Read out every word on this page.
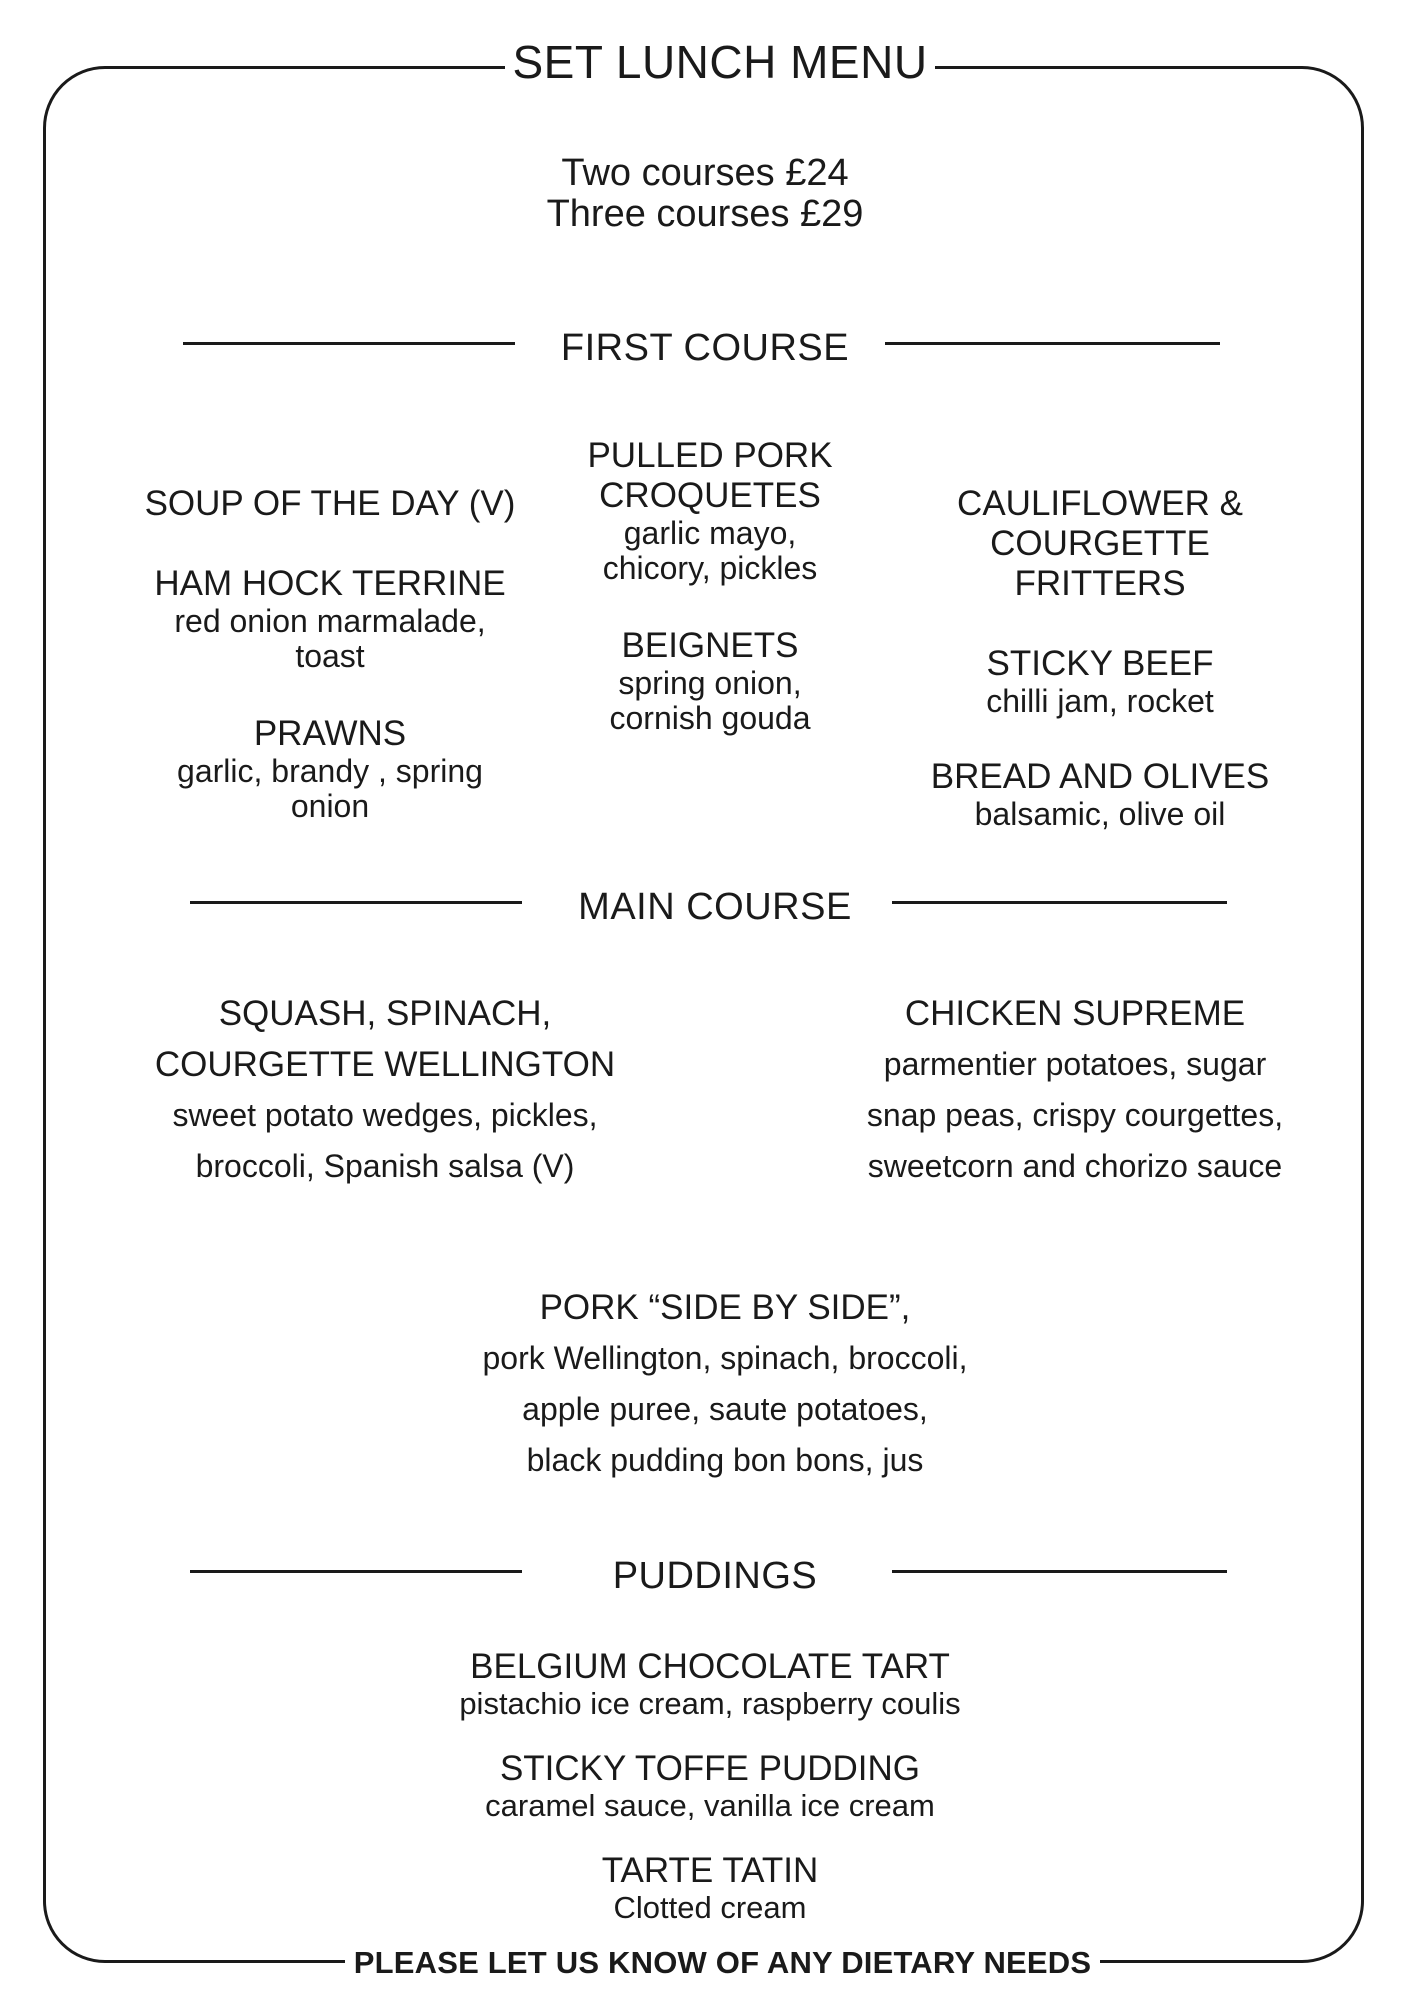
SET LUNCH MENU
Two courses £24
Three courses £29
FIRST COURSE
SOUP OF THE DAY (V)
HAM HOCK TERRINE
red onion marmalade,
toast
PRAWNS
garlic, brandy , spring
onion
PULLED PORK
CROQUETES
garlic mayo,
chicory, pickles
BEIGNETS
spring onion,
cornish gouda
CAULIFLOWER &
COURGETTE
FRITTERS
STICKY BEEF
chilli jam, rocket
BREAD AND OLIVES
balsamic, olive oil
MAIN COURSE
SQUASH, SPINACH,
COURGETTE WELLINGTON
sweet potato wedges, pickles,
broccoli, Spanish salsa (V)
CHICKEN SUPREME
parmentier potatoes, sugar
snap peas, crispy courgettes,
sweetcorn and chorizo sauce
PORK “SIDE BY SIDE”,
pork Wellington, spinach, broccoli,
apple puree, saute potatoes,
black pudding bon bons, jus
PUDDINGS
BELGIUM CHOCOLATE TART
pistachio ice cream, raspberry coulis
STICKY TOFFE PUDDING
caramel sauce, vanilla ice cream
TARTE TATIN
Clotted cream
PLEASE LET US KNOW OF ANY DIETARY NEEDS
